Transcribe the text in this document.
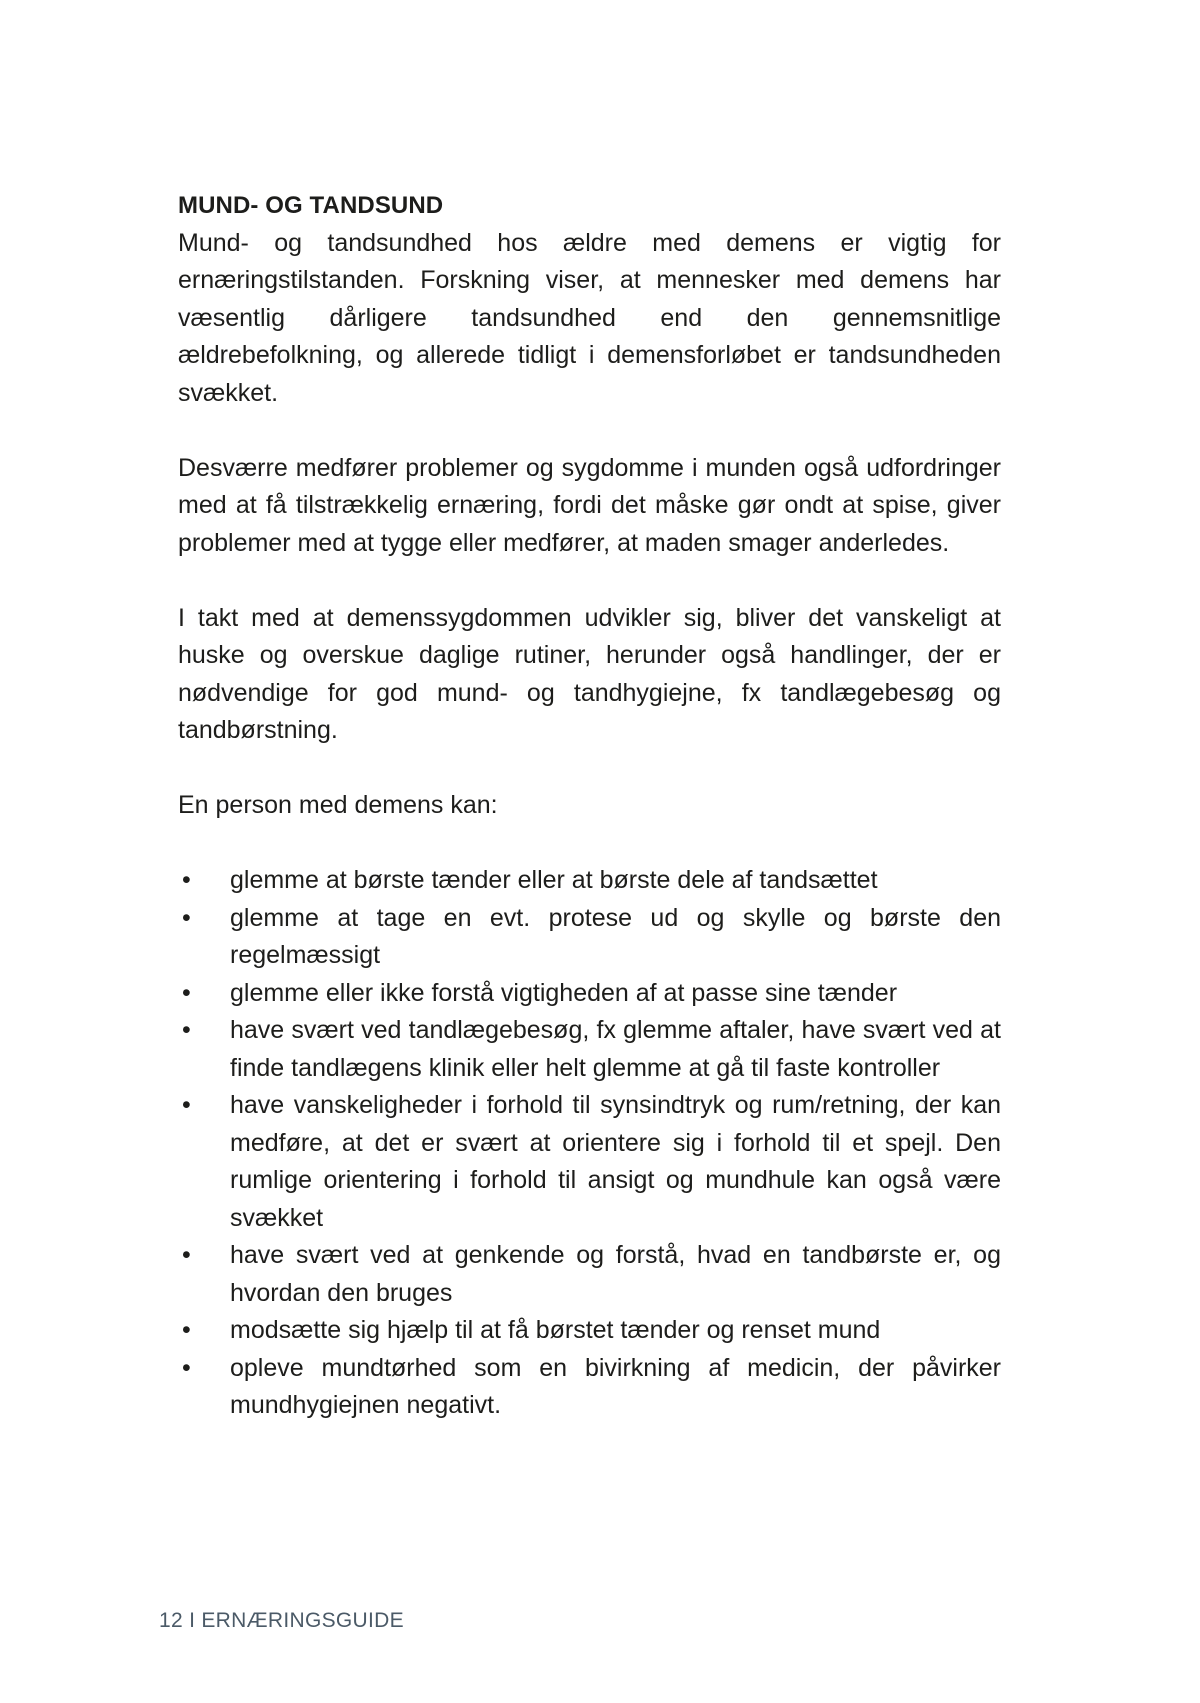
MUND- OG TANDSUND

Mund- og tandsundhed hos ældre med demens er vigtig for ernæringstilstanden. Forskning viser, at mennesker med demens har væsentlig dårligere tandsundhed end den gennemsnitlige ældrebefolkning, og allerede tidligt i demensforløbet er tandsundheden svækket.

Desværre medfører problemer og sygdomme i munden også udfordringer med at få tilstrækkelig ernæring, fordi det måske gør ondt at spise, giver problemer med at tygge eller medfører, at maden smager anderledes.

I takt med at demenssygdommen udvikler sig, bliver det vanskeligt at huske og overskue daglige rutiner, herunder også handlinger, der er nødvendige for god mund- og tandhygiejne, fx tandlægebesøg og tandbørstning.

En person med demens kan:

• glemme at børste tænder eller at børste dele af tandsættet
• glemme at tage en evt. protese ud og skylle og børste den regelmæssigt
• glemme eller ikke forstå vigtigheden af at passe sine tænder
• have svært ved tandlægebesøg, fx glemme aftaler, have svært ved at finde tandlægens klinik eller helt glemme at gå til faste kontroller
• have vanskeligheder i forhold til synsindtryk og rum/retning, der kan medføre, at det er svært at orientere sig i forhold til et spejl. Den rumlige orientering i forhold til ansigt og mundhule kan også være svækket
• have svært ved at genkende og forstå, hvad en tandbørste er, og hvordan den bruges
• modsætte sig hjælp til at få børstet tænder og renset mund
• opleve mundtørhed som en bivirkning af medicin, der påvirker mundhygiejnen negativt.
12 I ERNÆRINGSGUIDE
